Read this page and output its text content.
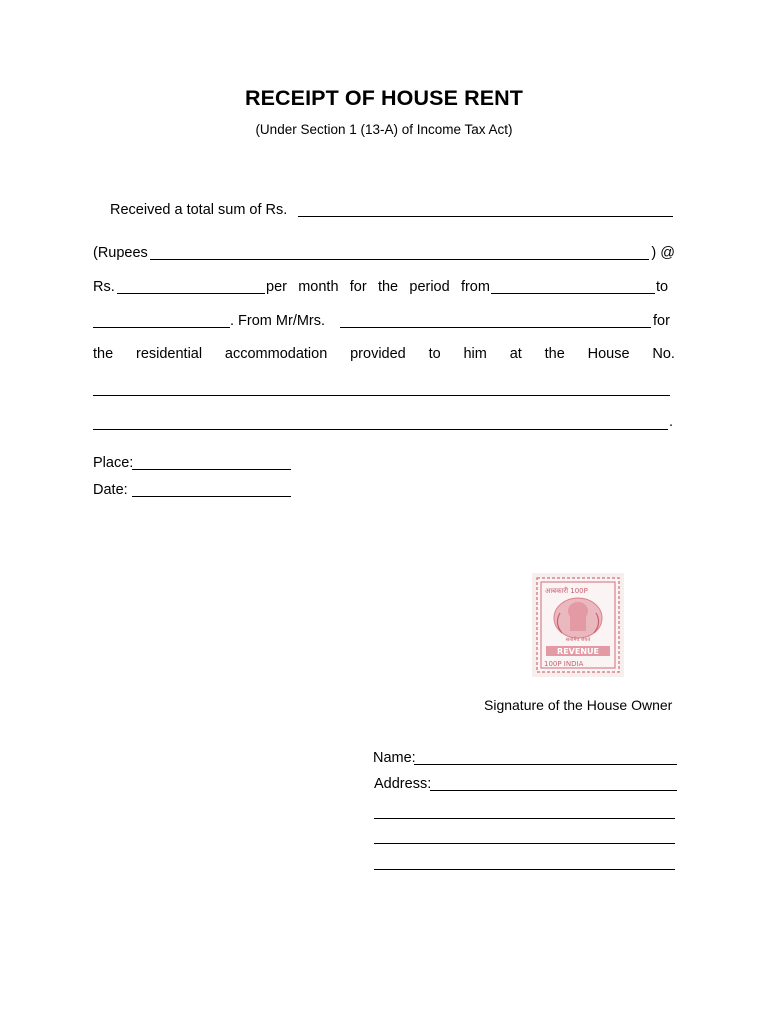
RECEIPT OF HOUSE RENT
(Under Section 1 (13-A) of Income Tax Act)
Received a total sum of Rs.
(Rupees	) @
Rs.	per month for the period from	to
. From Mr/Mrs.	for
the residential accommodation provided to him at the House No.
.
Place:
Date:
आबकारी 100P
सत्यमेव जयते
REVENUE
100P INDIA
Signature of the House Owner
Name:
Address:
